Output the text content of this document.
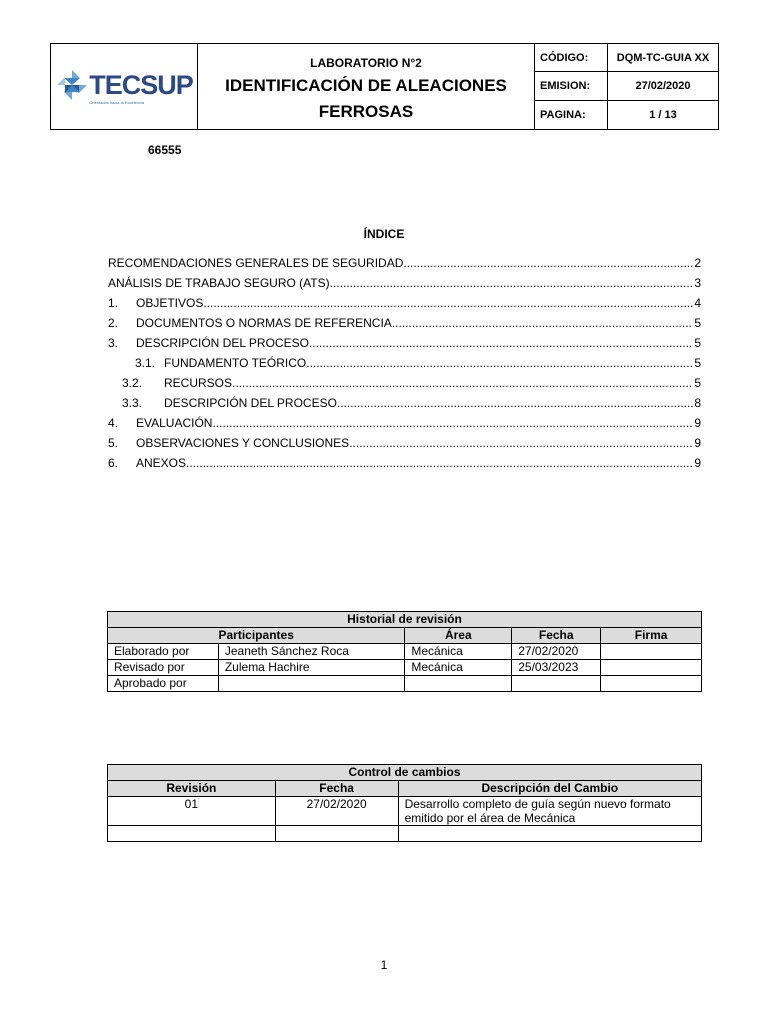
TECSUP
Orientados hacia la Excelencia
LABORATORIO N°2
IDENTIFICACIÓN DE ALEACIONES
FERROSAS
CÓDIGO:	DQM-TC-GUIA XX
EMISION:	27/02/2020
PAGINA:	1 / 13
66555
ÍNDICE
RECOMENDACIONES GENERALES DE SEGURIDAD .....	2
ANÁLISIS DE TRABAJO SEGURO (ATS) .....	3
1.	OBJETIVOS .....	4
2.	DOCUMENTOS O NORMAS DE REFERENCIA .....	5
3.	DESCRIPCIÓN DEL PROCESO .....	5
3.1. FUNDAMENTO TEÓRICO .....	5
3.2.	RECURSOS .....	5
3.3.	DESCRIPCIÓN DEL PROCESO .....	8
4.	EVALUACIÓN .....	9
5.	OBSERVACIONES Y CONCLUSIONES .....	9
6.	ANEXOS .....	9
Historial de revisión				
Participantes		Área	Fecha	Firma
Elaborado por	Jeaneth Sánchez Roca	Mecánica	27/02/2020	
Revisado por	Zulema Hachire	Mecánica	25/03/2023	
Aprobado por				
Control de cambios		
Revisión	Fecha	Descripción del Cambio
01	27/02/2020	Desarrollo completo de guía según nuevo formato
emitido por el área de Mecánica

1
